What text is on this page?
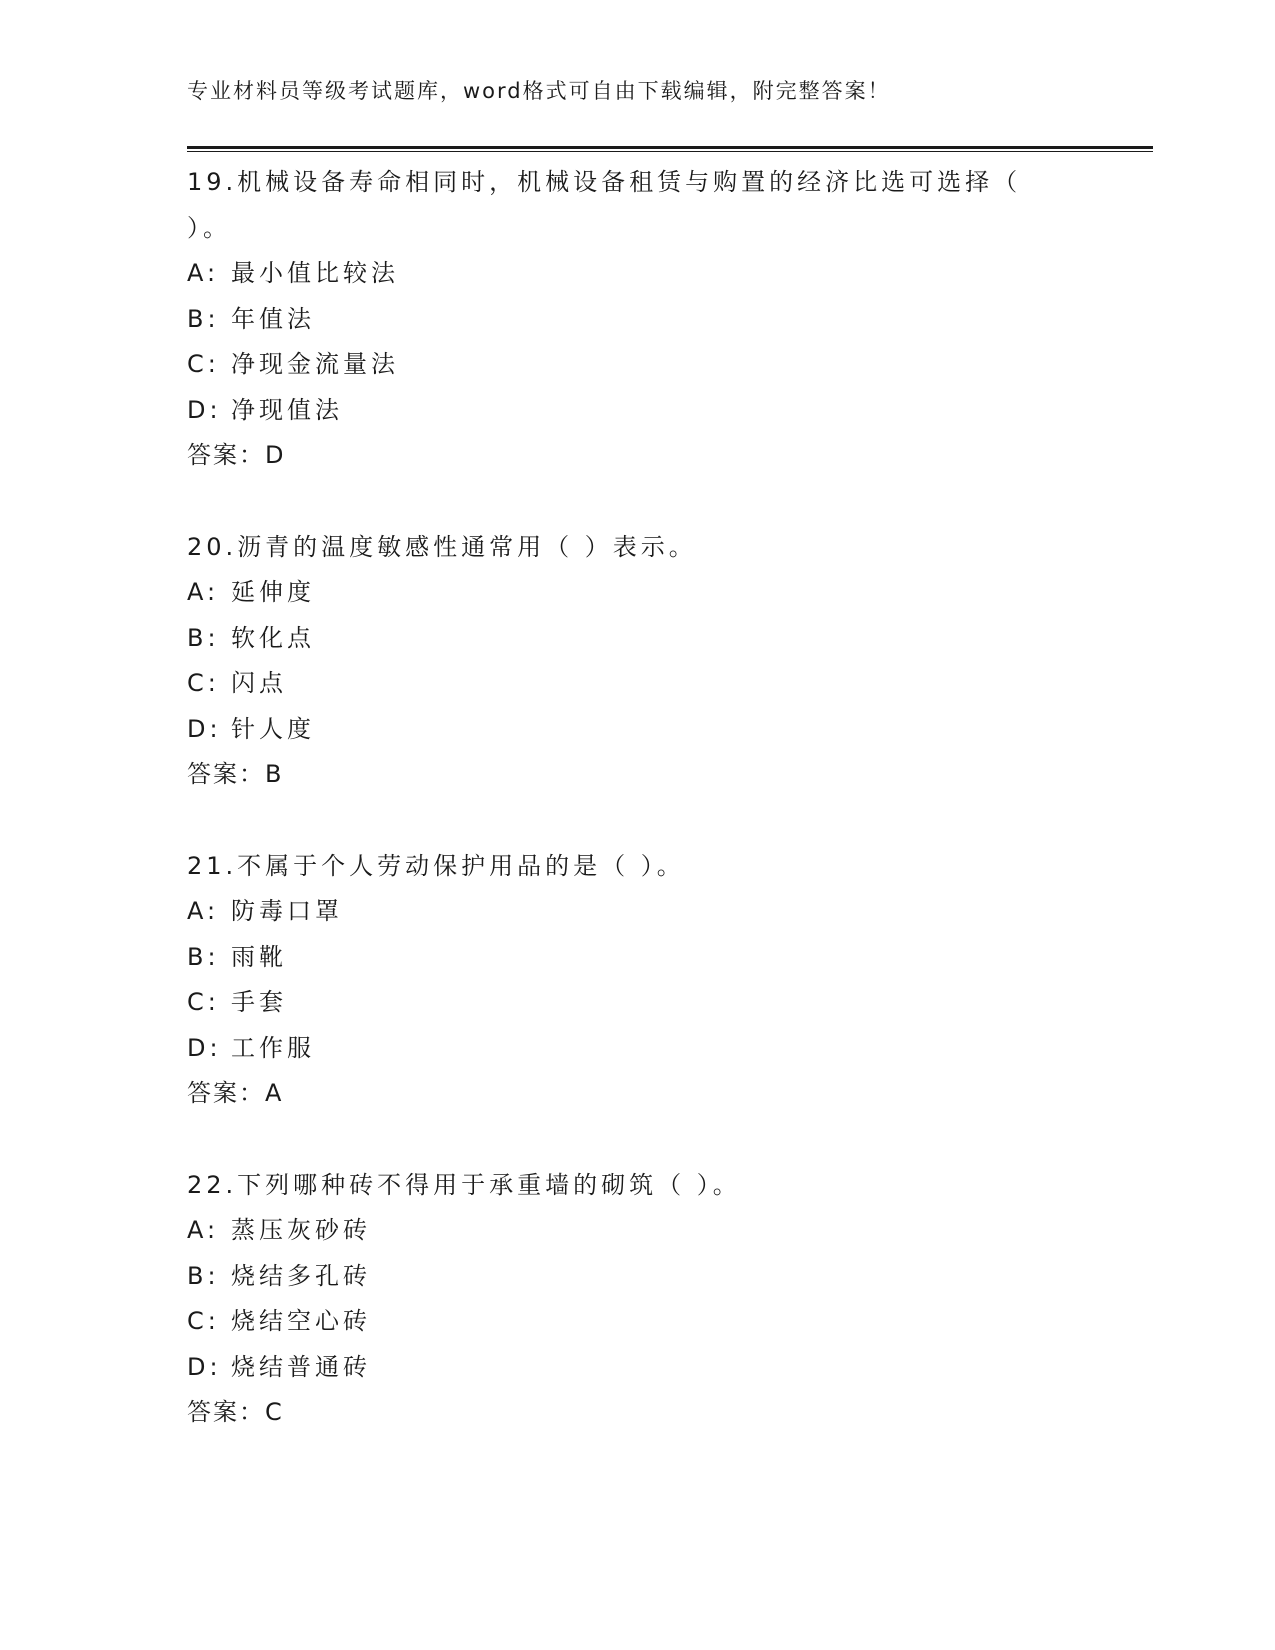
专业材料员等级考试题库，word格式可自由下载编辑，附完整答案！
19.机械设备寿命相同时，机械设备租赁与购置的经济比选可选择（ ）。
A: 最小值比较法
B: 年值法
C: 净现金流量法
D: 净现值法
答案：D
20.沥青的温度敏感性通常用（ ）表示。
A: 延伸度
B: 软化点
C: 闪点
D: 针人度
答案：B
21.不属于个人劳动保护用品的是（ ）。
A: 防毒口罩
B: 雨靴
C: 手套
D: 工作服
答案：A
22.下列哪种砖不得用于承重墙的砌筑（ ）。
A: 蒸压灰砂砖
B: 烧结多孔砖
C: 烧结空心砖
D: 烧结普通砖
答案：C
